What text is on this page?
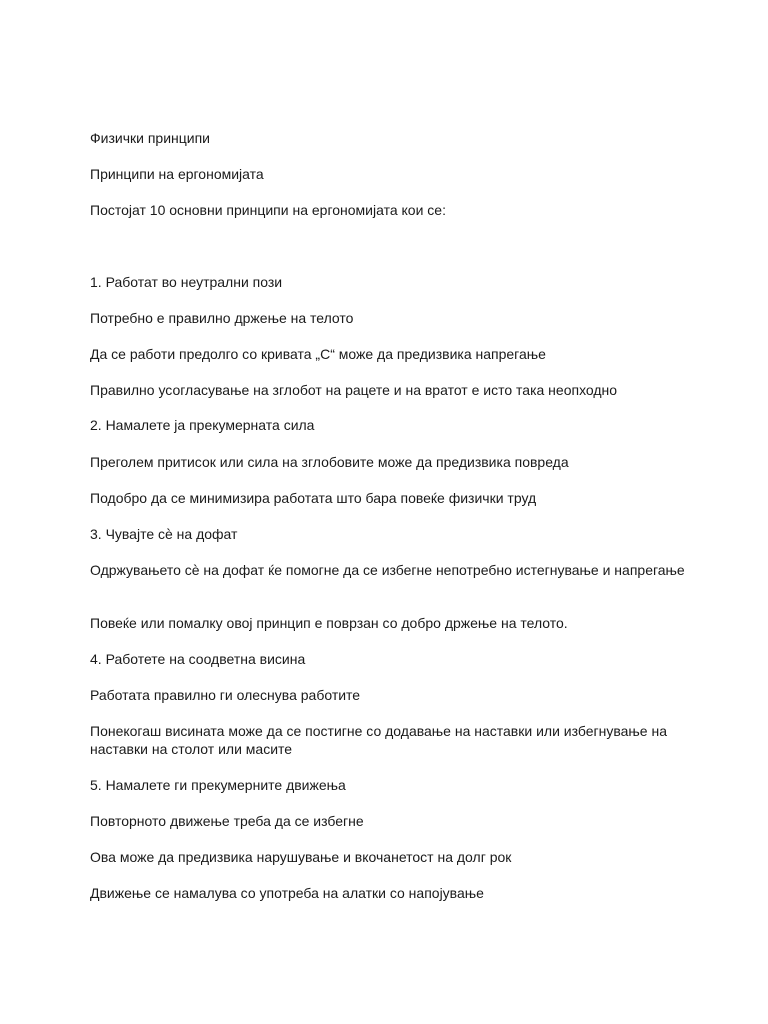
Физички принципи

Принципи на ергономијата

Постојат 10 основни принципи на ергономијата кои се:

1. Работат во неутрални пози

Потребно е правилно држење на телото

Да се работи предолго со кривата „C“ може да предизвика напрегање

Правилно усогласување на зглобот на рацете и на вратот е исто така неопходно

2. Намалете ја прекумерната сила

Преголем притисок или сила на зглобовите може да предизвика повреда

Подобро да се минимизира работата што бара повеќе физички труд

3. Чувајте сѐ на дофат

Одржувањето сѐ на дофат ќе помогне да се избегне непотребно истегнување и напрегање

Повеќе или помалку овој принцип е поврзан со добро држење на телото.

4. Работете на соодветна висина

Работата правилно ги олеснува работите

Понекогаш висината може да се постигне со додавање на наставки или избегнување на наставки на столот или масите

5. Намалете ги прекумерните движења

Повторното движење треба да се избегне

Ова може да предизвика нарушување и вкочанетост на долг рок

Движење се намалува со употреба на алатки со напојување
